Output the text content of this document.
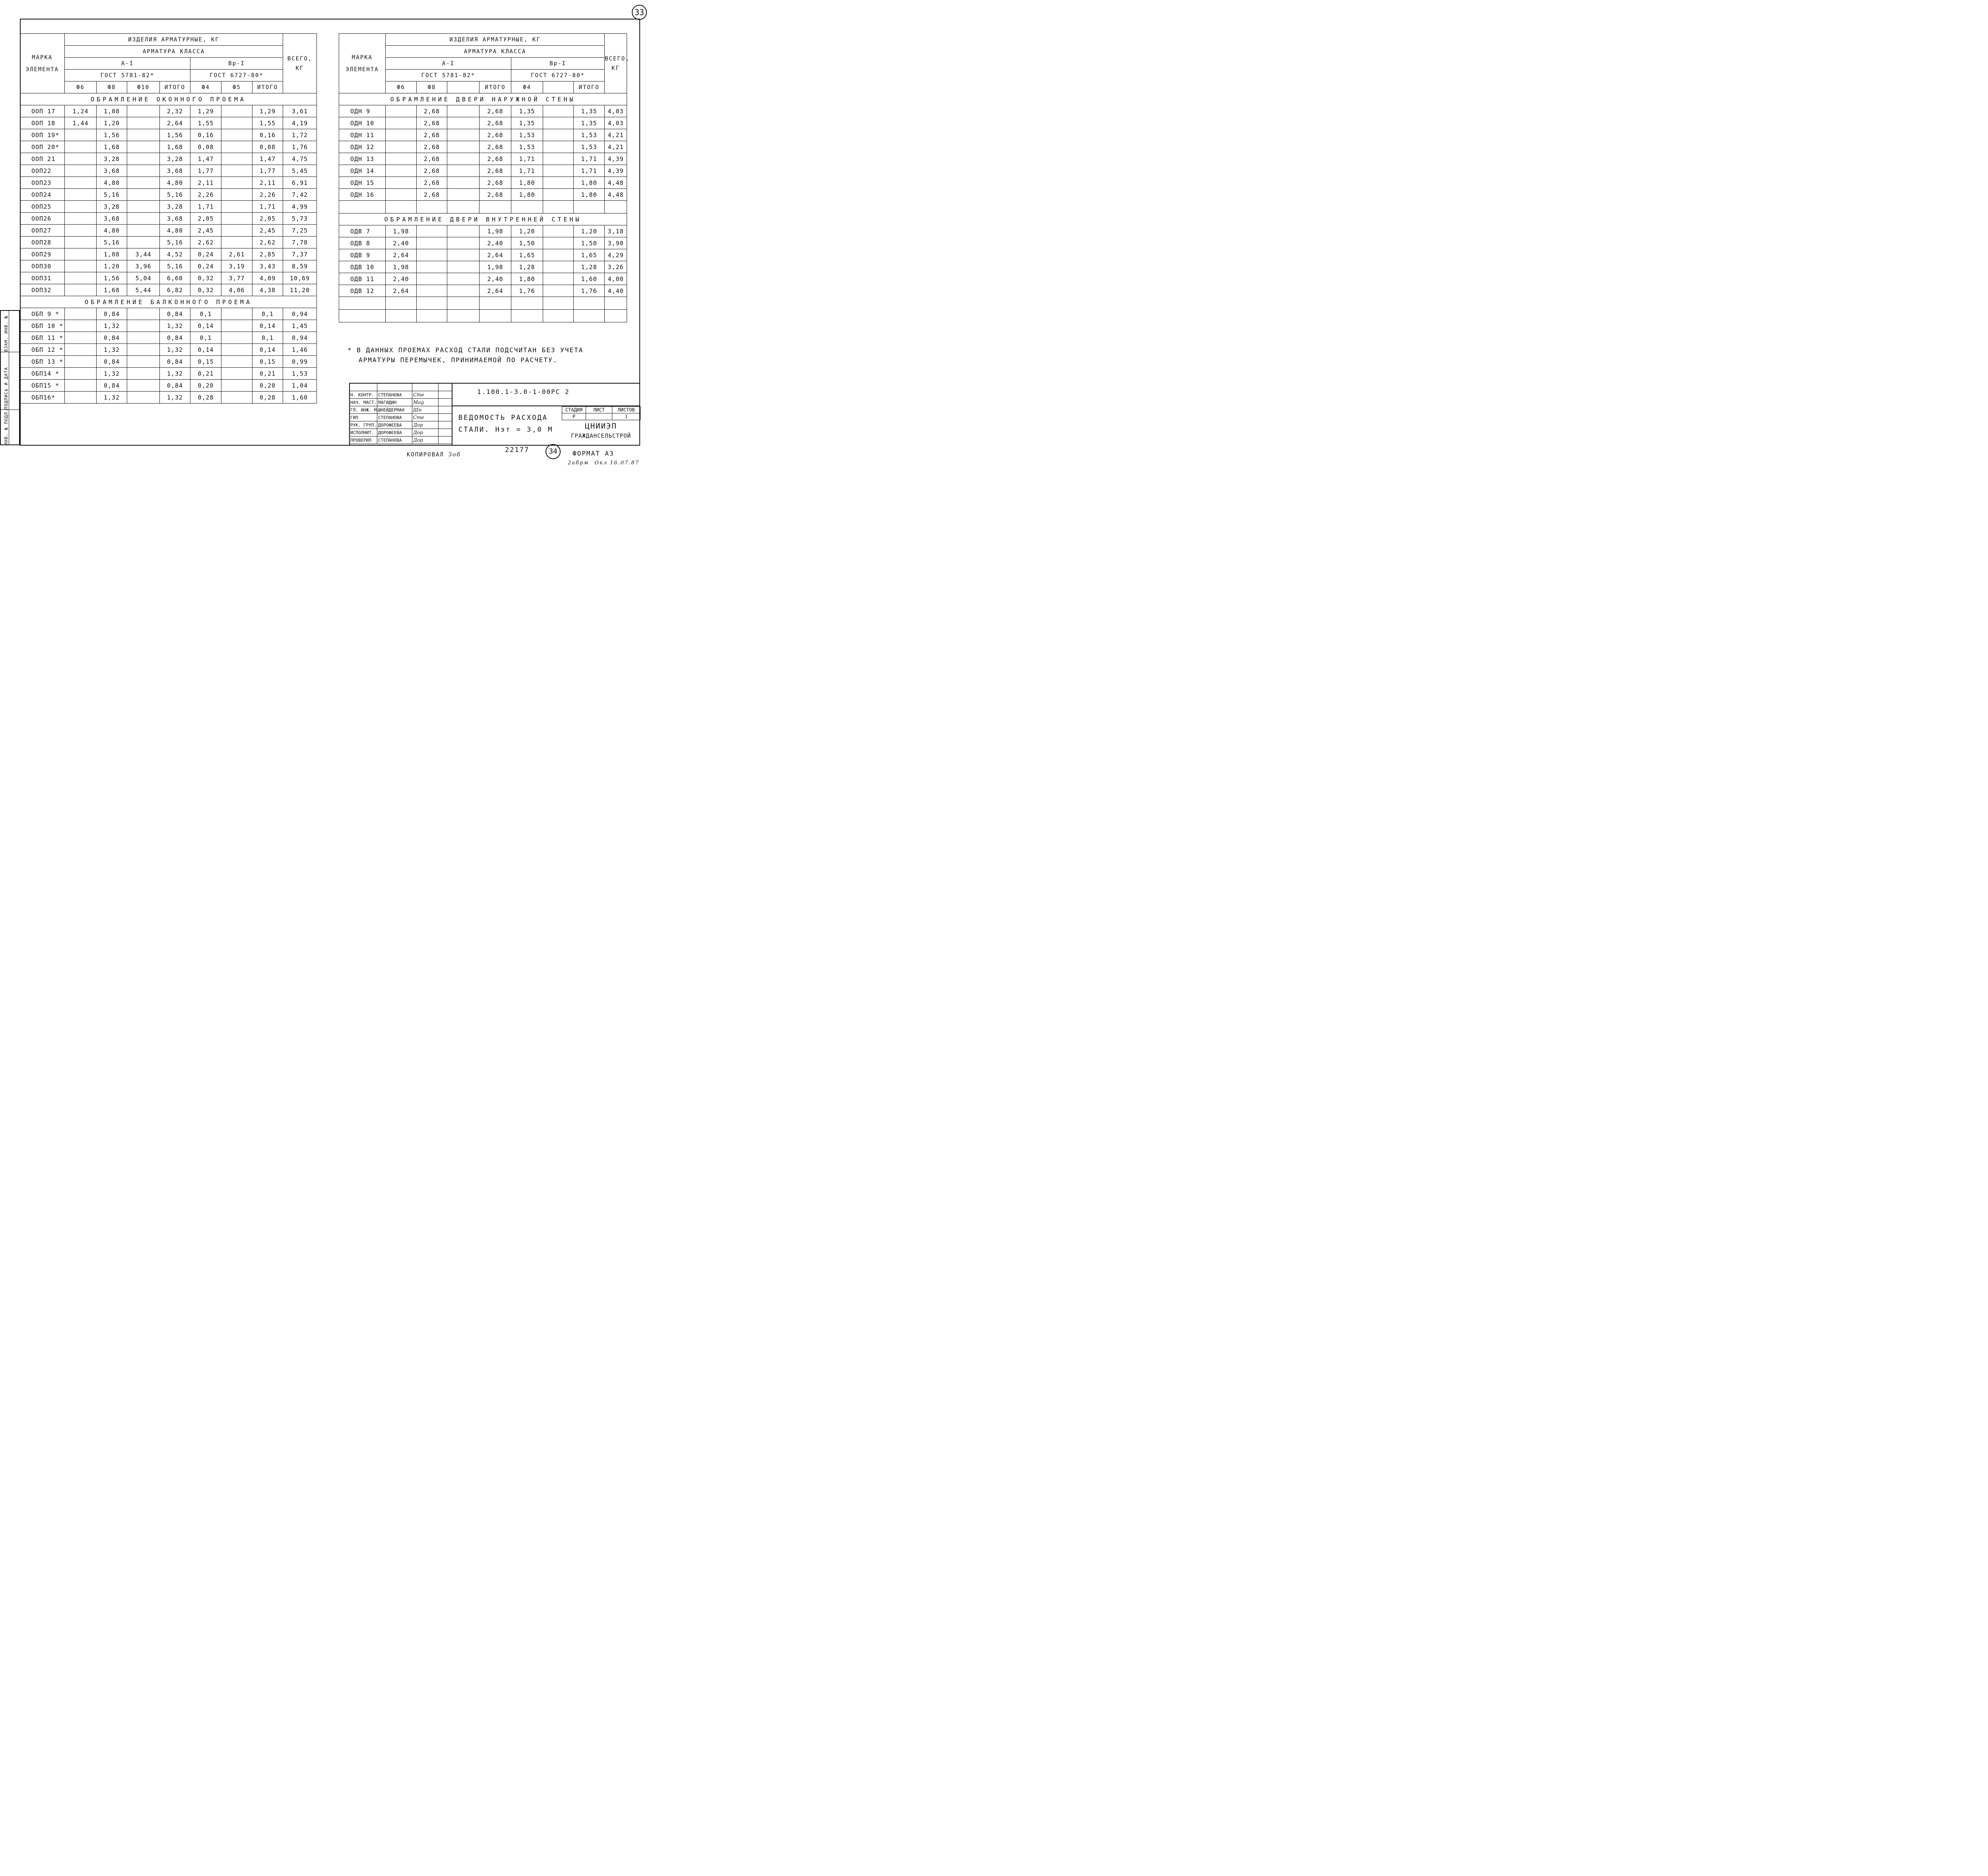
33
МАРКА ЭЛЕМЕНТА	ИЗДЕЛИЯ АРМАТУРНЫЕ, КГ							ВСЕГО, КГ
	АРМАТУРА КЛАССА							
	А-I				Вр-I			
	ГОСТ 5781-82*				ГОСТ 6727-80*			
	Ф6	Ф8	Ф10	ИТОГО	Ф4	Ф5	ИТОГО	
ОБРАМЛЕНИЕ ОКОННОГО ПРОЕМА								
ООП 17	1,24	1,08		2,32	1,29		1,29	3,61
ООП 18	1,44	1,20		2,64	1,55		1,55	4,19
ООП 19*		1,56		1,56	0,16		0,16	1,72
ООП 20*		1,68		1,68	0,08		0,08	1,76
ООП 21		3,28		3,28	1,47		1,47	4,75
ООП22		3,68		3,68	1,77		1,77	5,45
ООП23		4,80		4,80	2,11		2,11	6,91
ООП24		5,16		5,16	2,26		2,26	7,42
ООП25		3,28		3,28	1,71		1,71	4,99
ООП26		3,68		3,68	2,05		2,05	5,73
ООП27		4,80		4,80	2,45		2,45	7,25
ООП28		5,16		5,16	2,62		2,62	7,78
ООП29		1,08	3,44	4,52	0,24	2,61	2,85	7,37
ООП30		1,20	3,96	5,16	0,24	3,19	3,43	8,59
ООП31		1,56	5,04	6,60	0,32	3,77	4,09	10,69
ООП32		1,68	5,44	6,82	0,32	4,06	4,38	11,20
ОБРАМЛЕНИЕ БАЛКОННОГО ПРОЕМА								
ОБП 9 *		0,84		0,84	0,1		0,1	0,94
ОБП 10 *		1,32		1,32	0,14		0,14	1,45
ОБП 11 *		0,84		0,84	0,1		0,1	0,94
ОБП 12 *		1,32		1,32	0,14		0,14	1,46
ОБП 13 *		0,84		0,84	0,15		0,15	0,99
ОБП14 *		1,32		1,32	0,21		0,21	1,53
ОБП15 *		0,84		0,84	0,20		0,20	1,04
ОБП16*		1,32		1,32	0,28		0,28	1,60
МАРКА ЭЛЕМЕНТА	ИЗДЕЛИЯ АРМАТУРНЫЕ, КГ							ВСЕГО, КГ
	АРМАТУРА КЛАССА							
	А-I				Вр-I			
	ГОСТ 5781-82*				ГОСТ 6727-80*			
	Ф6	Ф8		ИТОГО	Ф4		ИТОГО	
ОБРАМЛЕНИЕ ДВЕРИ НАРУЖНОЙ СТЕНЫ								
ОДН 9		2,68		2,68	1,35		1,35	4,03
ОДН 10		2,68		2,68	1,35		1,35	4,03
ОДН 11		2,68		2,68	1,53		1,53	4,21
ОДН 12		2,68		2,68	1,53		1,53	4,21
ОДН 13		2,68		2,68	1,71		1,71	4,39
ОДН 14		2,68		2,68	1,71		1,71	4,39
ОДН 15		2,68		2,68	1,80		1,80	4,48
ОДН 16		2,68		2,68	1,80		1,80	4,48

ОБРАМЛЕНИЕ ДВЕРИ ВНУТРЕННЕЙ СТЕНЫ								
ОДВ 7	1,98			1,98	1,20		1,20	3,18
ОДВ 8	2,40			2,40	1,50		1,50	3,90
ОДВ 9	2,64			2,64	1,65		1,65	4,29
ОДВ 10	1,98			1,98	1,28		1,28	3,26
ОДВ 11	2,40			2,40	1,80		1,60	4,00
ОДВ 12	2,64			2,64	1,76		1,76	4,40

* В ДАННЫХ ПРОЕМАХ РАСХОД СТАЛИ ПОДСЧИТАН БЕЗ УЧЕТА
АРМАТУРЫ ПЕРЕМЫЧЕК, ПРИНИМАЕМОЙ ПО РАСЧЕТУ.

Н. КОНТР.	СТЕПАНОВА	Сте	
НАЧ. МАСТ.	МАГИДИН	Mag	
ГЛ. ИНЖ. М.	ШНЕЙДЕРМАН	Шн	
ГИП	СТЕПАНОВА	Сте	
РУК. ГРУП.	ДОРОФЕЕВА	Дор	
ИСПОЛНИТ.	ДОРОФЕЕВА	Дор	
ПРОВЕРИЛ	СТЕПАНОВА	Дор	
1.100.1-3.0-1-00РС 2
ВЕДОМОСТЬ РАСХОДА
СТАЛИ. Нэт = 3,0 М
СТАДИЯ	ЛИСТ	ЛИСТОВ
Р		1
ЦНИИЭП
ГРАЖДАНСЕЛЬСТРОЙ
ИНВ. № ПОДЛ.
ПОДПИСЬ И ДАТА
ВЗАМ. ИНВ. №
КОПИРОВАЛ Зоб
22177	34	ФОРМАТ А3
2абрм Окл 16.07.87
